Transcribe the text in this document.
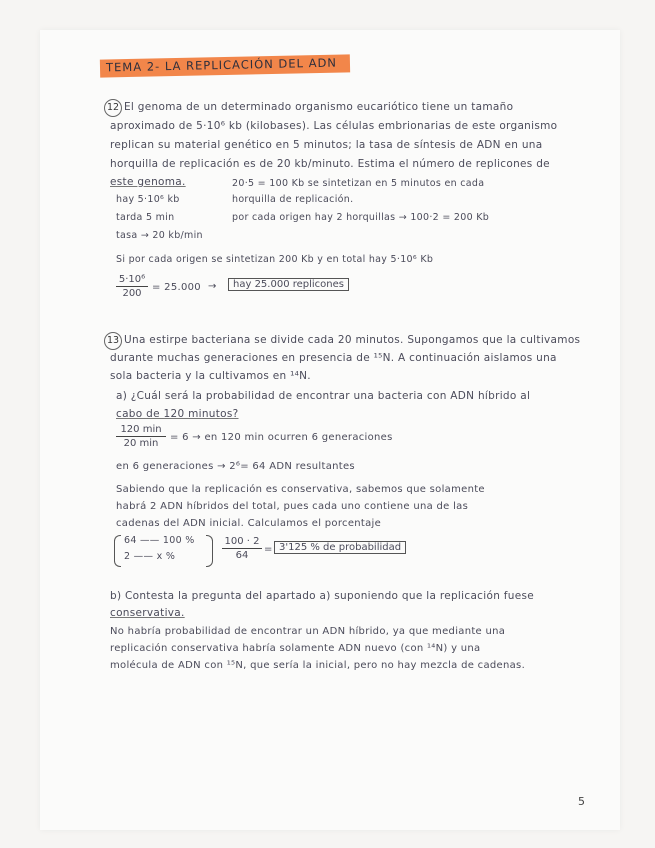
TEMA 2- LA REPLICACIÓN DEL ADN
12 El genoma de un determinado organismo eucariótico tiene un tamaño
aproximado de 5·10⁶ kb (kilobases). Las células embrionarias de este organismo
replican su material genético en 5 minutos; la tasa de síntesis de ADN en una
horquilla de replicación es de 20 kb/minuto. Estima el número de replicones de
este genoma.
hay 5·10⁶ kb
tarda 5 min
tasa → 20 kb/min
20·5 = 100 Kb se sintetizan en 5 minutos en cada
horquilla de replicación.
por cada origen hay 2 horquillas → 100·2 = 200 Kb
Si por cada origen se sintetizan 200 Kb y en total hay 5·10⁶ Kb
5·10⁶
200
= 25.000 →	hay 25.000 replicones
13 Una estirpe bacteriana se divide cada 20 minutos. Supongamos que la cultivamos
durante muchas generaciones en presencia de ¹⁵N. A continuación aislamos una
sola bacteria y la cultivamos en ¹⁴N.
a) ¿Cuál será la probabilidad de encontrar una bacteria con ADN híbrido al
cabo de 120 minutos?
120 min
20 min
= 6 → en 120 min ocurren 6 generaciones
en 6 generaciones → 2⁶= 64 ADN resultantes
Sabiendo que la replicación es conservativa, sabemos que solamente
habrá 2 ADN híbridos del total, pues cada uno contiene una de las
cadenas del ADN inicial. Calculamos el porcentaje
64 —— 100 %
2 —— x %
100 · 2
64
= 3'125 % de probabilidad
b) Contesta la pregunta del apartado a) suponiendo que la replicación fuese
conservativa.
No habría probabilidad de encontrar un ADN híbrido, ya que mediante una
replicación conservativa habría solamente ADN nuevo (con ¹⁴N) y una
molécula de ADN con ¹⁵N, que sería la inicial, pero no hay mezcla de cadenas.
5
